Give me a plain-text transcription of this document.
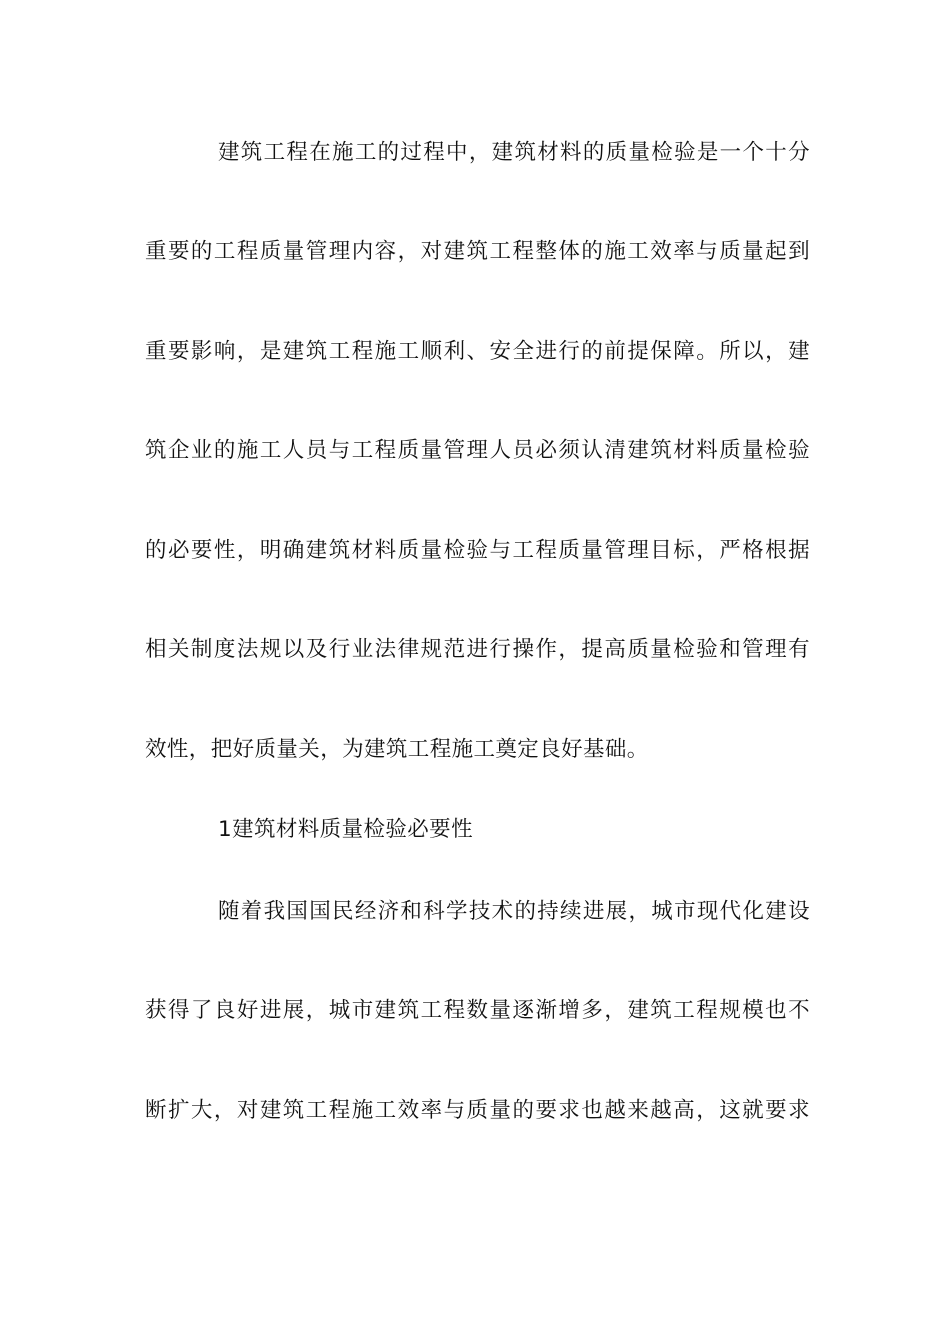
建筑工程在施工的过程中，建筑材料的质量检验是一个十分
重要的工程质量管理内容，对建筑工程整体的施工效率与质量起到
重要影响，是建筑工程施工顺利、安全进行的前提保障。所以，建
筑企业的施工人员与工程质量管理人员必须认清建筑材料质量检验
的必要性，明确建筑材料质量检验与工程质量管理目标，严格根据
相关制度法规以及行业法律规范进行操作，提高质量检验和管理有
效性，把好质量关，为建筑工程施工奠定良好基础。
1建筑材料质量检验必要性
随着我国国民经济和科学技术的持续进展，城市现代化建设
获得了良好进展，城市建筑工程数量逐渐增多，建筑工程规模也不
断扩大，对建筑工程施工效率与质量的要求也越来越高，这就要求
